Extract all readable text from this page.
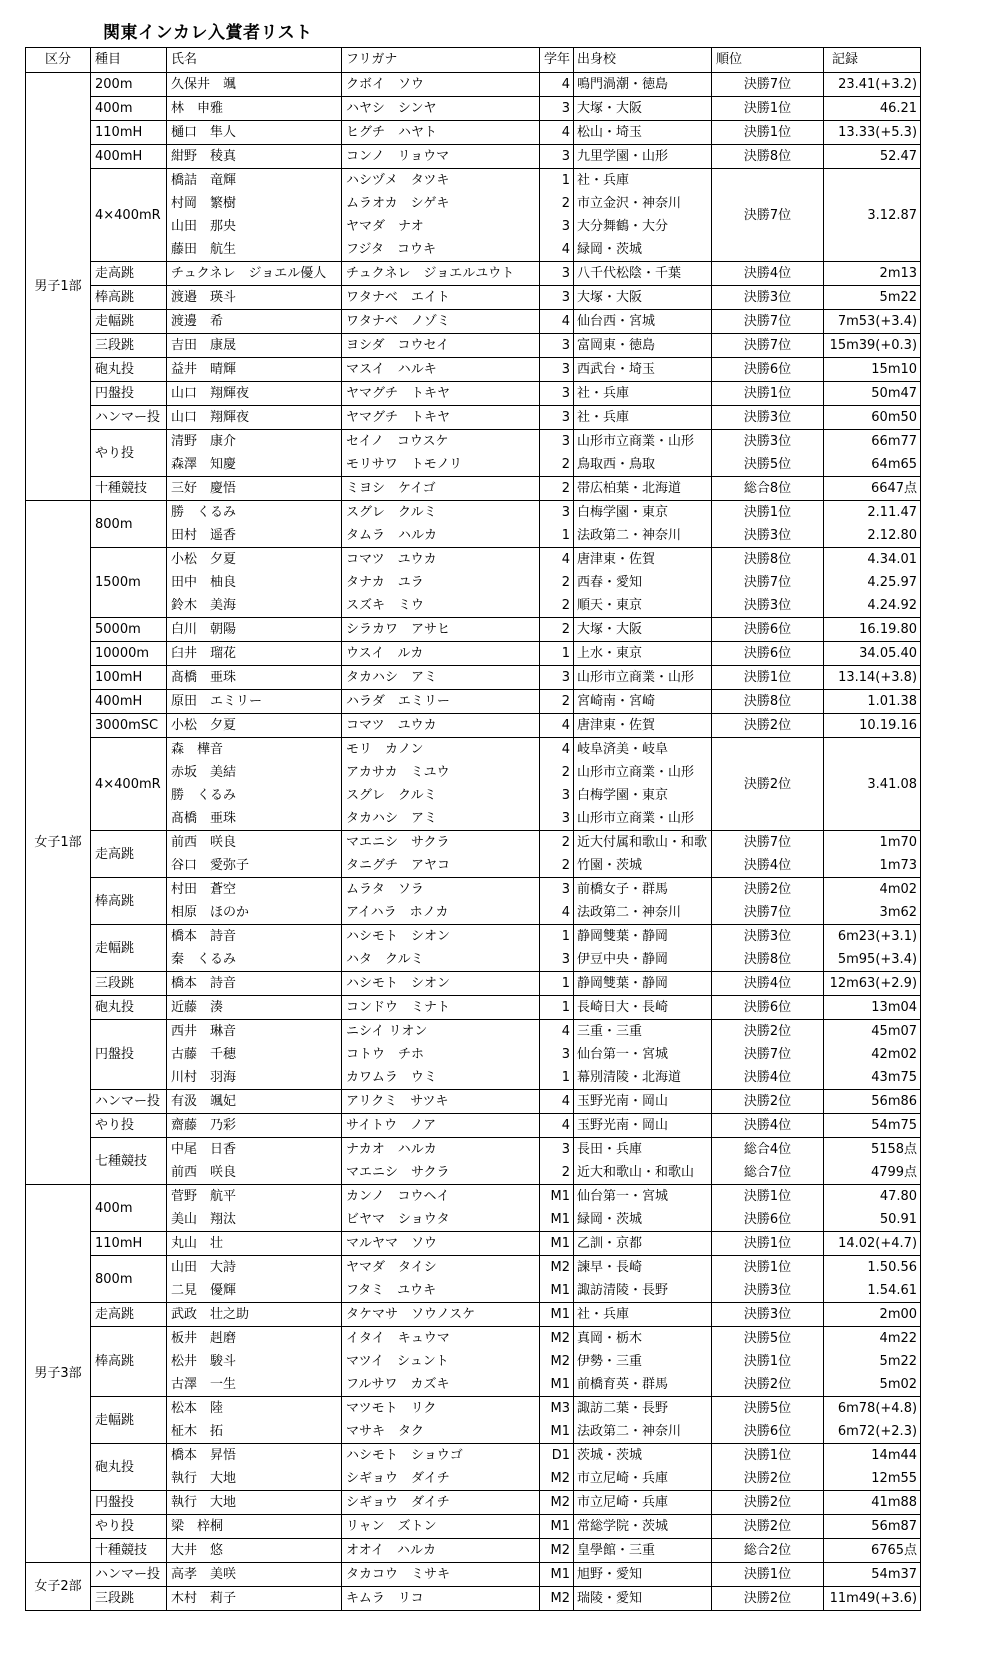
関東インカレ入賞者リスト
区分	種目	氏名	フリガナ	学年	出身校	順位	記録
男子1部	200m	久保井　颯	クボイ　ソウ	4	鳴門渦潮・徳島	決勝7位	23.41(+3.2)
	400m	林　申雅	ハヤシ　シンヤ	3	大塚・大阪	決勝1位	46.21
	110mH	樋口　隼人	ヒグチ　ハヤト	4	松山・埼玉	決勝1位	13.33(+5.3)
	400mH	紺野　稜真	コンノ　リョウマ	3	九里学園・山形	決勝8位	52.47
	4×400mR	橋詰　竜輝	ハシヅメ　タツキ	1	社・兵庫	決勝7位	3.12.87
		村岡　繁樹	ムラオカ　シゲキ	2	市立金沢・神奈川		
		山田　那央	ヤマダ　ナオ	3	大分舞鶴・大分		
		藤田　航生	フジタ　コウキ	4	緑岡・茨城		
	走高跳	チュクネレ　ジョエル優人	チュクネレ　ジョエルユウト	3	八千代松陰・千葉	決勝4位	2m13
	棒高跳	渡邉　瑛斗	ワタナベ　エイト	3	大塚・大阪	決勝3位	5m22
	走幅跳	渡邊　希	ワタナベ　ノゾミ	4	仙台西・宮城	決勝7位	7m53(+3.4)
	三段跳	吉田　康晟	ヨシダ　コウセイ	3	富岡東・徳島	決勝7位	15m39(+0.3)
	砲丸投	益井　晴輝	マスイ　ハルキ	3	西武台・埼玉	決勝6位	15m10
	円盤投	山口　翔輝夜	ヤマグチ　トキヤ	3	社・兵庫	決勝1位	50m47
	ハンマー投	山口　翔輝夜	ヤマグチ　トキヤ	3	社・兵庫	決勝3位	60m50
	やり投	清野　康介	セイノ　コウスケ	3	山形市立商業・山形	決勝3位	66m77
		森澤　知慶	モリサワ　トモノリ	2	鳥取西・鳥取	決勝5位	64m65
	十種競技	三好　慶悟	ミヨシ　ケイゴ	2	帯広柏葉・北海道	総合8位	6647点
女子1部	800m	勝　くるみ	スグレ　クルミ	3	白梅学園・東京	決勝1位	2.11.47
		田村　遥香	タムラ　ハルカ	1	法政第二・神奈川	決勝3位	2.12.80
	1500m	小松　夕夏	コマツ　ユウカ	4	唐津東・佐賀	決勝8位	4.34.01
		田中　柚良	タナカ　ユラ	2	西春・愛知	決勝7位	4.25.97
		鈴木　美海	スズキ　ミウ	2	順天・東京	決勝3位	4.24.92
	5000m	白川　朝陽	シラカワ　アサヒ	2	大塚・大阪	決勝6位	16.19.80
	10000m	臼井　瑠花	ウスイ　ルカ	1	上水・東京	決勝6位	34.05.40
	100mH	髙橋　亜珠	タカハシ　アミ	3	山形市立商業・山形	決勝1位	13.14(+3.8)
	400mH	原田　エミリー	ハラダ　エミリー	2	宮崎南・宮崎	決勝8位	1.01.38
	3000mSC	小松　夕夏	コマツ　ユウカ	4	唐津東・佐賀	決勝2位	10.19.16
	4×400mR	森　樺音	モリ　カノン	4	岐阜済美・岐阜	決勝2位	3.41.08
		赤坂　美結	アカサカ　ミユウ	2	山形市立商業・山形		
		勝　くるみ	スグレ　クルミ	3	白梅学園・東京		
		髙橋　亜珠	タカハシ　アミ	3	山形市立商業・山形		
	走高跳	前西　咲良	マエニシ　サクラ	2	近大付属和歌山・和歌	決勝7位	1m70
		谷口　愛弥子	タニグチ　アヤコ	2	竹園・茨城	決勝4位	1m73
	棒高跳	村田　蒼空	ムラタ　ソラ	3	前橋女子・群馬	決勝2位	4m02
		相原　ほのか	アイハラ　ホノカ	4	法政第二・神奈川	決勝7位	3m62
	走幅跳	橋本　詩音	ハシモト　シオン	1	静岡雙葉・静岡	決勝3位	6m23(+3.1)
		秦　くるみ	ハタ　クルミ	3	伊豆中央・静岡	決勝8位	5m95(+3.4)
	三段跳	橋本　詩音	ハシモト　シオン	1	静岡雙葉・静岡	決勝4位	12m63(+2.9)
	砲丸投	近藤　湊	コンドウ　ミナト	1	長崎日大・長崎	決勝6位	13m04
	円盤投	西井　琳音	ニシイ リオン	4	三重・三重	決勝2位	45m07
		古藤　千穂	コトウ　チホ	3	仙台第一・宮城	決勝7位	42m02
		川村　羽海	カワムラ　ウミ	1	幕別清陵・北海道	決勝4位	43m75
	ハンマー投	有汲　颯妃	アリクミ　サツキ	4	玉野光南・岡山	決勝2位	56m86
	やり投	齋藤　乃彩	サイトウ　ノア	4	玉野光南・岡山	決勝4位	54m75
	七種競技	中尾　日香	ナカオ　ハルカ	3	長田・兵庫	総合4位	5158点
		前西　咲良	マエニシ　サクラ	2	近大和歌山・和歌山	総合7位	4799点
男子3部	400m	菅野　航平	カンノ　コウヘイ	M1	仙台第一・宮城	決勝1位	47.80
		美山　翔汰	ビヤマ　ショウタ	M1	緑岡・茨城	決勝6位	50.91
	110mH	丸山　壮	マルヤマ　ソウ	M1	乙訓・京都	決勝1位	14.02(+4.7)
	800m	山田　大詩	ヤマダ　タイシ	M2	諫早・長崎	決勝1位	1.50.56
		二見　優輝	フタミ　ユウキ	M1	諏訪清陵・長野	決勝3位	1.54.61
	走高跳	武政　壮之助	タケマサ　ソウノスケ	M1	社・兵庫	決勝3位	2m00
	棒高跳	板井　赳磨	イタイ　キュウマ	M2	真岡・栃木	決勝5位	4m22
		松井　駿斗	マツイ　シュント	M2	伊勢・三重	決勝1位	5m22
		古澤　一生	フルサワ　カズキ	M1	前橋育英・群馬	決勝2位	5m02
	走幅跳	松本　陸	マツモト　リク	M3	諏訪二葉・長野	決勝5位	6m78(+4.8)
		柾木　拓	マサキ　タク	M1	法政第二・神奈川	決勝6位	6m72(+2.3)
	砲丸投	橋本　昇悟	ハシモト　ショウゴ	D1	茨城・茨城	決勝1位	14m44
		執行　大地	シギョウ　ダイチ	M2	市立尼崎・兵庫	決勝2位	12m55
	円盤投	執行　大地	シギョウ　ダイチ	M2	市立尼崎・兵庫	決勝2位	41m88
	やり投	梁　梓桐	リャン　ズトン	M1	常総学院・茨城	決勝2位	56m87
	十種競技	大井　悠	オオイ　ハルカ	M2	皇學館・三重	総合2位	6765点
女子2部	ハンマー投	高孝　美咲	タカコウ　ミサキ	M1	旭野・愛知	決勝1位	54m37
	三段跳	木村　莉子	キムラ　リコ	M2	瑞陵・愛知	決勝2位	11m49(+3.6)
